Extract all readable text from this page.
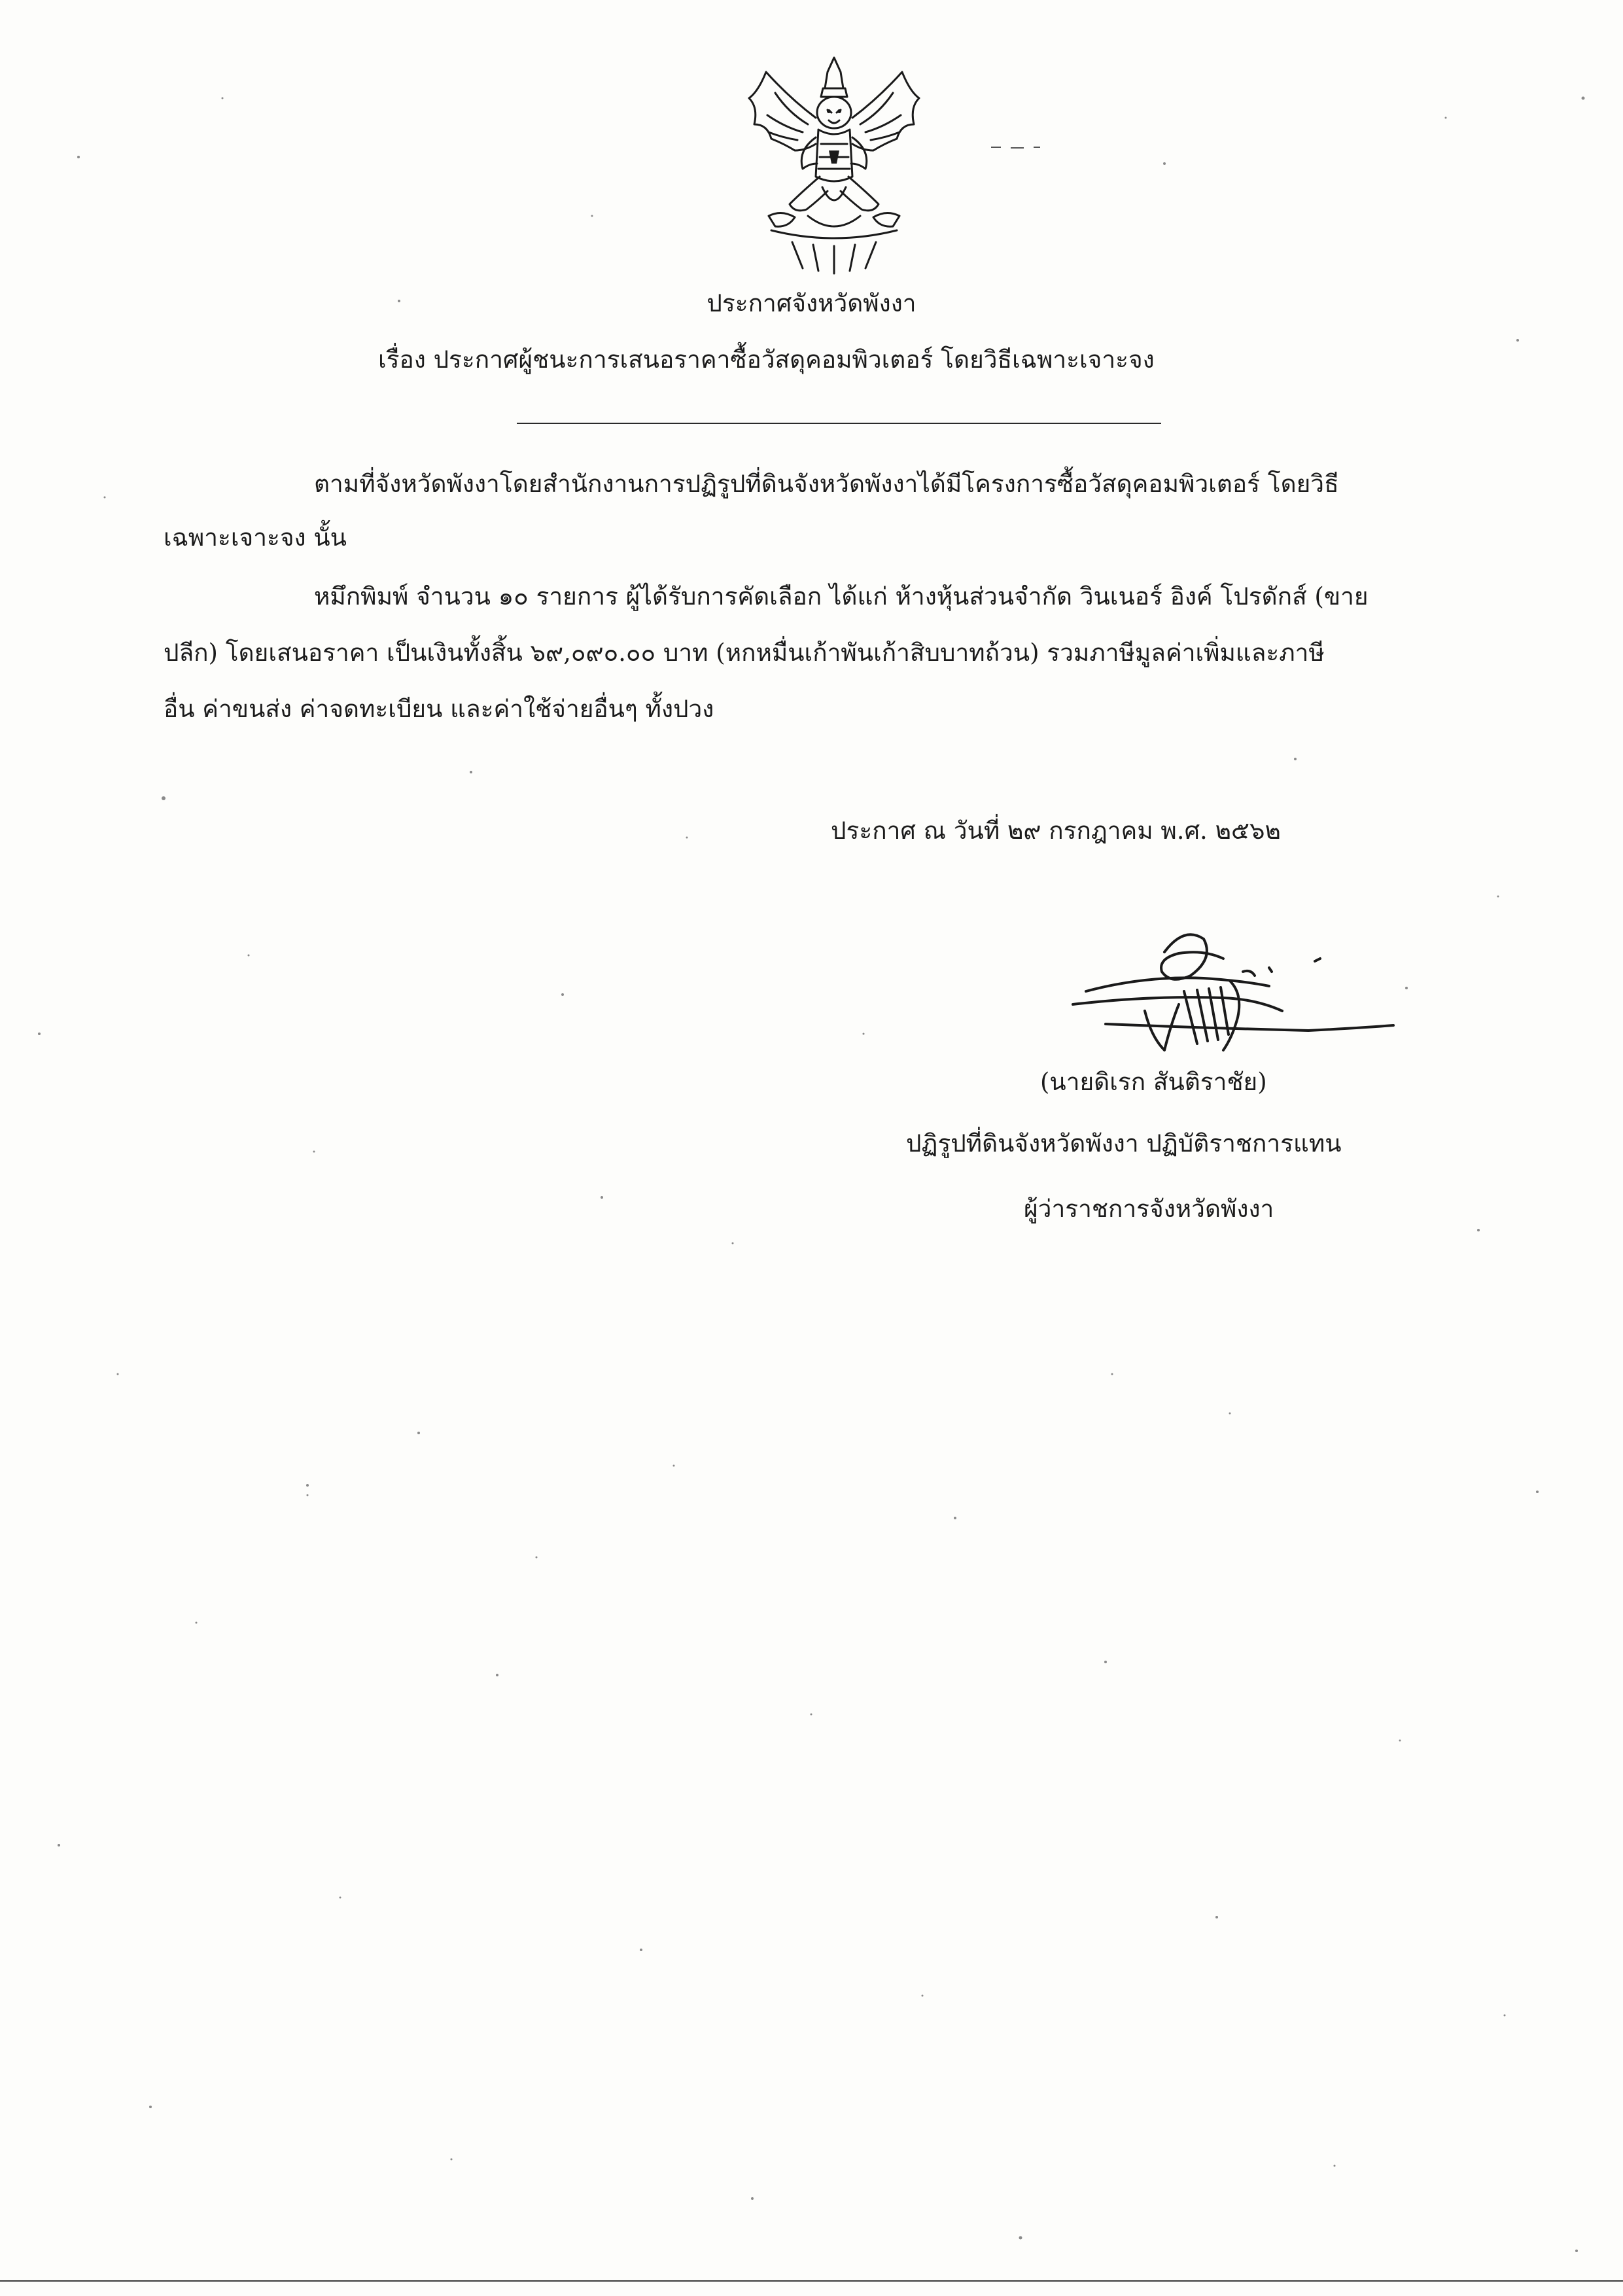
ประกาศจังหวัดพังงา
เรื่อง ประกาศผู้ชนะการเสนอราคาซื้อวัสดุคอมพิวเตอร์ โดยวิธีเฉพาะเจาะจง
ตามที่จังหวัดพังงาโดยสำนักงานการปฏิรูปที่ดินจังหวัดพังงาได้มีโครงการซื้อวัสดุคอมพิวเตอร์ โดยวิธี
เฉพาะเจาะจง นั้น
หมึกพิมพ์ จำนวน ๑๐ รายการ ผู้ได้รับการคัดเลือก ได้แก่ ห้างหุ้นส่วนจำกัด วินเนอร์ อิงค์ โปรดักส์ (ขาย
ปลีก) โดยเสนอราคา เป็นเงินทั้งสิ้น ๖๙,๐๙๐.๐๐ บาท (หกหมื่นเก้าพันเก้าสิบบาทถ้วน) รวมภาษีมูลค่าเพิ่มและภาษี
อื่น ค่าขนส่ง ค่าจดทะเบียน และค่าใช้จ่ายอื่นๆ ทั้งปวง
ประกาศ ณ วันที่ ๒๙ กรกฎาคม พ.ศ. ๒๕๖๒
(นายดิเรก สันติราชัย)
ปฏิรูปที่ดินจังหวัดพังงา ปฏิบัติราชการแทน
ผู้ว่าราชการจังหวัดพังงา
